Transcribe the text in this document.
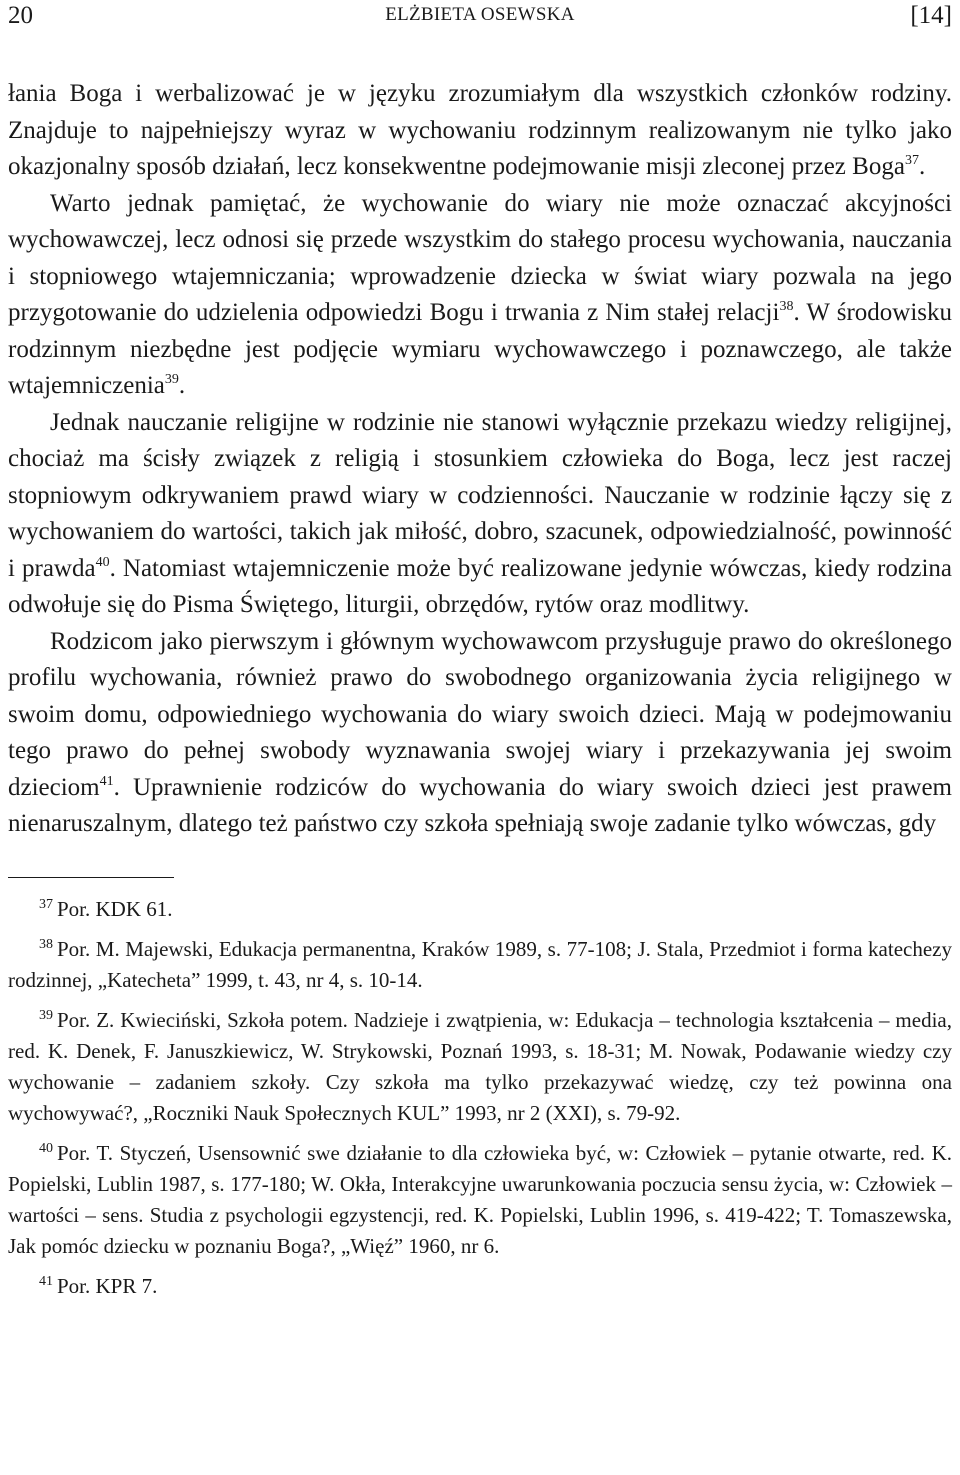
20	ELŻBIETA OSEWSKA	[14]

łania Boga i werbalizować je w języku zrozumiałym dla wszystkich członków rodziny. Znajduje to najpełniejszy wyraz w wychowaniu rodzinnym realizowanym nie tylko jako okazjonalny sposób działań, lecz konsekwentne podejmowanie misji zleconej przez Boga$^{37}$.

Warto jednak pamiętać, że wychowanie do wiary nie może oznaczać akcyjności wychowawczej, lecz odnosi się przede wszystkim do stałego procesu wychowania, nauczania i stopniowego wtajemniczania; wprowadzenie dziecka w świat wiary pozwala na jego przygotowanie do udzielenia odpowiedzi Bogu i trwania z Nim stałej relacji$^{38}$. W środowisku rodzinnym niezbędne jest podjęcie wymiaru wychowawczego i poznawczego, ale także wtajemniczenia$^{39}$.

Jednak nauczanie religijne w rodzinie nie stanowi wyłącznie przekazu wiedzy religijnej, chociaż ma ścisły związek z religią i stosunkiem człowieka do Boga, lecz jest raczej stopniowym odkrywaniem prawd wiary w codzienności. Nauczanie w rodzinie łączy się z wychowaniem do wartości, takich jak miłość, dobro, szacunek, odpowiedzialność, powinność i prawda$^{40}$. Natomiast wtajemniczenie może być realizowane jedynie wówczas, kiedy rodzina odwołuje się do Pisma Świętego, liturgii, obrzędów, rytów oraz modlitwy.

Rodzicom jako pierwszym i głównym wychowawcom przysługuje prawo do określonego profilu wychowania, również prawo do swobodnego organizowania życia religijnego w swoim domu, odpowiedniego wychowania do wiary swoich dzieci. Mają w podejmowaniu tego prawo do pełnej swobody wyznawania swojej wiary i przekazywania jej swoim dzieciom$^{41}$. Uprawnienie rodziców do wychowania do wiary swoich dzieci jest prawem nienaruszalnym, dlatego też państwo czy szkoła spełniają swoje zadanie tylko wówczas, gdy

$^{37}$ Por. KDK 61.

$^{38}$ Por. M. Majewski, Edukacja permanentna, Kraków 1989, s. 77-108; J. Stala, Przedmiot i forma katechezy rodzinnej, „Katecheta” 1999, t. 43, nr 4, s. 10-14.

$^{39}$ Por. Z. Kwieciński, Szkoła potem. Nadzieje i zwątpienia, w: Edukacja – technologia kształcenia – media, red. K. Denek, F. Januszkiewicz, W. Strykowski, Poznań 1993, s. 18-31; M. Nowak, Podawanie wiedzy czy wychowanie – zadaniem szkoły. Czy szkoła ma tylko przekazywać wiedzę, czy też powinna ona wychowywać?, „Roczniki Nauk Społecznych KUL” 1993, nr 2 (XXI), s. 79-92.

$^{40}$ Por. T. Styczeń, Usensownić swe działanie to dla człowieka być, w: Człowiek – pytanie otwarte, red. K. Popielski, Lublin 1987, s. 177-180; W. Okła, Interakcyjne uwarunkowania poczucia sensu życia, w: Człowiek – wartości – sens. Studia z psychologii egzystencji, red. K. Popielski, Lublin 1996, s. 419-422; T. Tomaszewska, Jak pomóc dziecku w poznaniu Boga?, „Więź” 1960, nr 6.

$^{41}$ Por. KPR 7.
